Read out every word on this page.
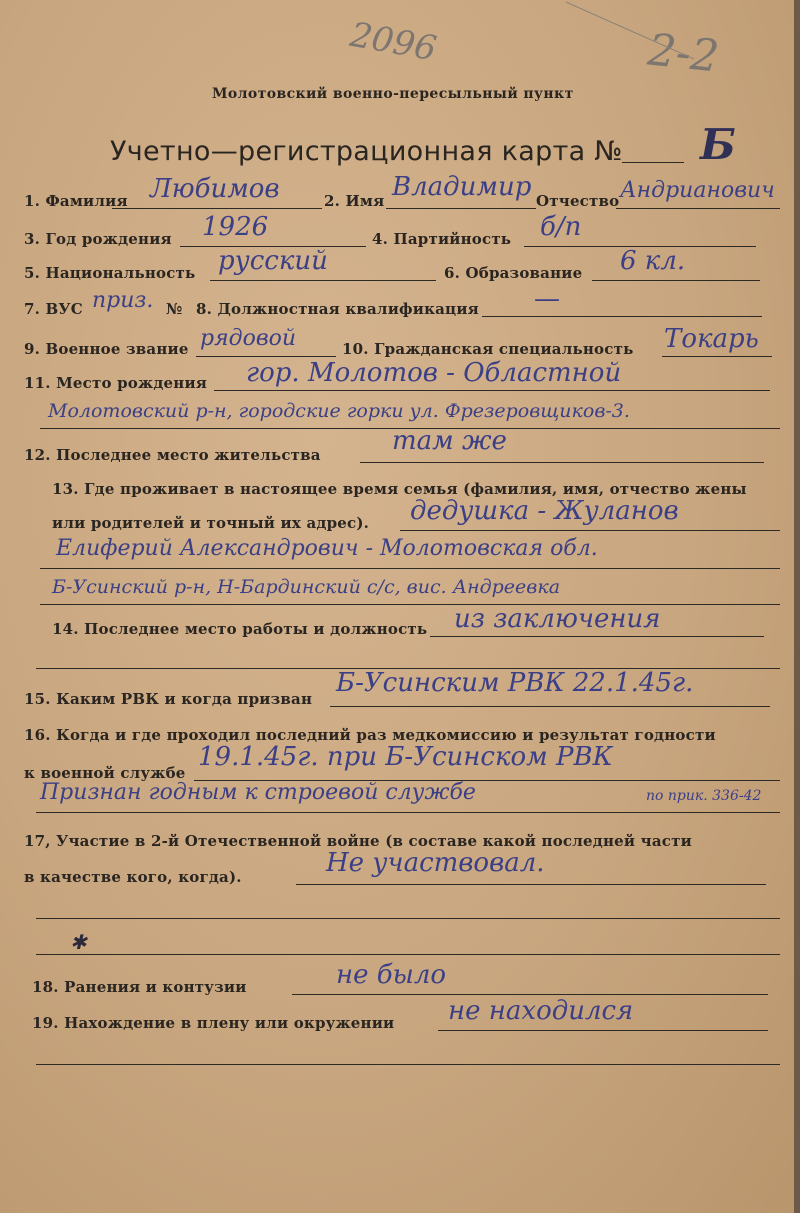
2096	2-2
Молотовский военно-пересыльный пункт
Учетно—регистрационная карта № Б
1. Фамилия Любимов	2. Имя Владимир Отчество Андрианович
3. Год рождения 1926	4. Партийность б/п
5. Национальность русский	6. Образование 6 кл.
7. ВУС приз. № 8. Должностная квалификация —
9. Военное звание рядовой	10. Гражданская специальность Токарь
11. Место рождения гор. Молотов - Областной
Молотовский р-н, городские горки ул. Фрезеровщиков-3.
12. Последнее место жительства	там же
13. Где проживает в настоящее время семья (фамилия, имя, отчество жены
или родителей и точный их адрес). дедушка - Жуланов
Елиферий Александрович - Молотовская обл.
Б-Усинский р-н, Н-Бардинский с/с, вис. Андреевка
14. Последнее место работы и должность из заключения
15. Каким РВК и когда призван
Б-Усинским РВК 22.1.45г.
16. Когда и где проходил последний раз медкомиссию и результат годности
к военной службе
19.1.45г. при Б-Усинском РВК
Признан годным к строевой службе	по прик. 336-42
17, Участие в 2-й Отечественной войне (в составе какой последней части
в качестве кого, когда).	Не участвовал.
✱
18. Ранения и контузии	не было
19. Нахождение в плену или окружении не находился
